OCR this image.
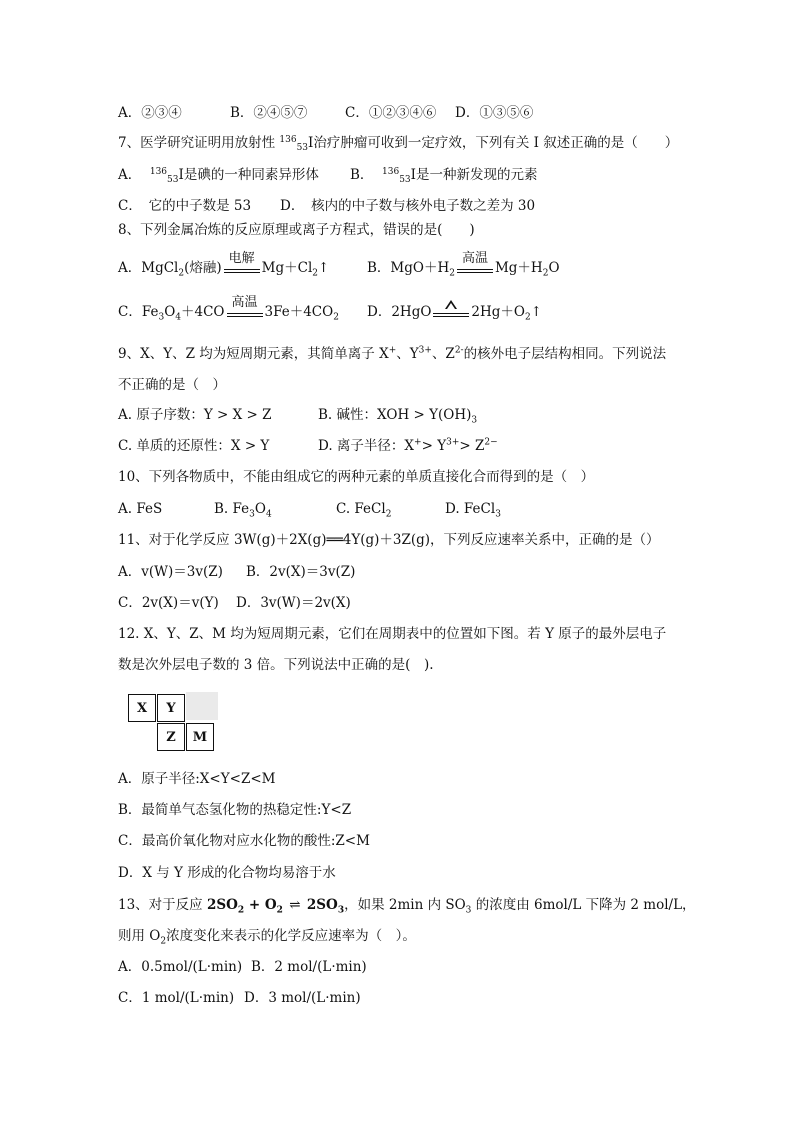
A．②③④	B．②④⑤⑦	C．①②③④⑥ D．①③⑤⑥
7、医学研究证明用放射性 $^{136}_{53}$I治疗肿瘤可收到一定疗效，下列有关 I 叙述正确的是（　　）
A． $^{136}_{53}$I是碘的一种同素异形体 B． $^{136}_{53}$I是一种新发现的元素
C．　它的中子数是 53 D．　核内的中子数与核外电子数之差为 30
8、下列金属冶炼的反应原理或离子方程式，错误的是(　　)
A．MgCl$_2$(熔融)
电解
$Mg+Cl_2↑$	B．$MgO+H_2$
高温
$Mg+H_2O$
C．$Fe_3O_4+4CO$
高温
$3Fe+4CO_2$ D．2HgO	$2Hg+O_2↑$
9、X、Y、Z 均为短周期元素，其简单离子 X+、$Y^{3+}$、$Z^{2-}$的核外电子层结构相同。下列说法
不正确的是（　）
A. 原子序数：Y > X > Z	B. 碱性：XOH > $Y(OH)_3$
C. 单质的还原性：X > Y	D. 离子半径：$X^+> Y^{3+}> Z^{2-}$
10、下列各物质中，不能由组成它的两种元素的单质直接化合而得到的是（　）
A. FeS	B. $Fe_3O_4$	C. FeCl$_2$	D. FeCl$_3$
11、对于化学反应 3W(g)＋2X(g)══4Y(g)＋3Z(g)，下列反应速率关系中，正确的是（）
A．v(W)＝3v(Z) B．2v(X)＝3v(Z)
C．2v(X)＝v(Y) D．3v(W)＝2v(X)
12. X、Y、Z、M 均为短周期元素，它们在周期表中的位置如下图。若 Y 原子的最外层电子
数是次外层电子数的 3 倍。下列说法中正确的是(　).
X	Y
Z	M
A．原子半径:X<Y<Z<M
B．最简单气态氢化物的热稳定性:Y<Z
C．最高价氧化物对应水化物的酸性:Z<M
D．X 与 Y 形成的化合物均易溶于水
13、对于反应 $2SO_2 + O_2$ ⇌ $2SO_3$，如果 2min 内 $SO_3$ 的浓度由 6mol/L 下降为 2 mol/L，
则用 $O_2$浓度变化来表示的化学反应速率为（　）。
A．0.5mol/(L·min) B．2 mol/(L·min)
C．1 mol/(L·min) D．3 mol/(L·min)
